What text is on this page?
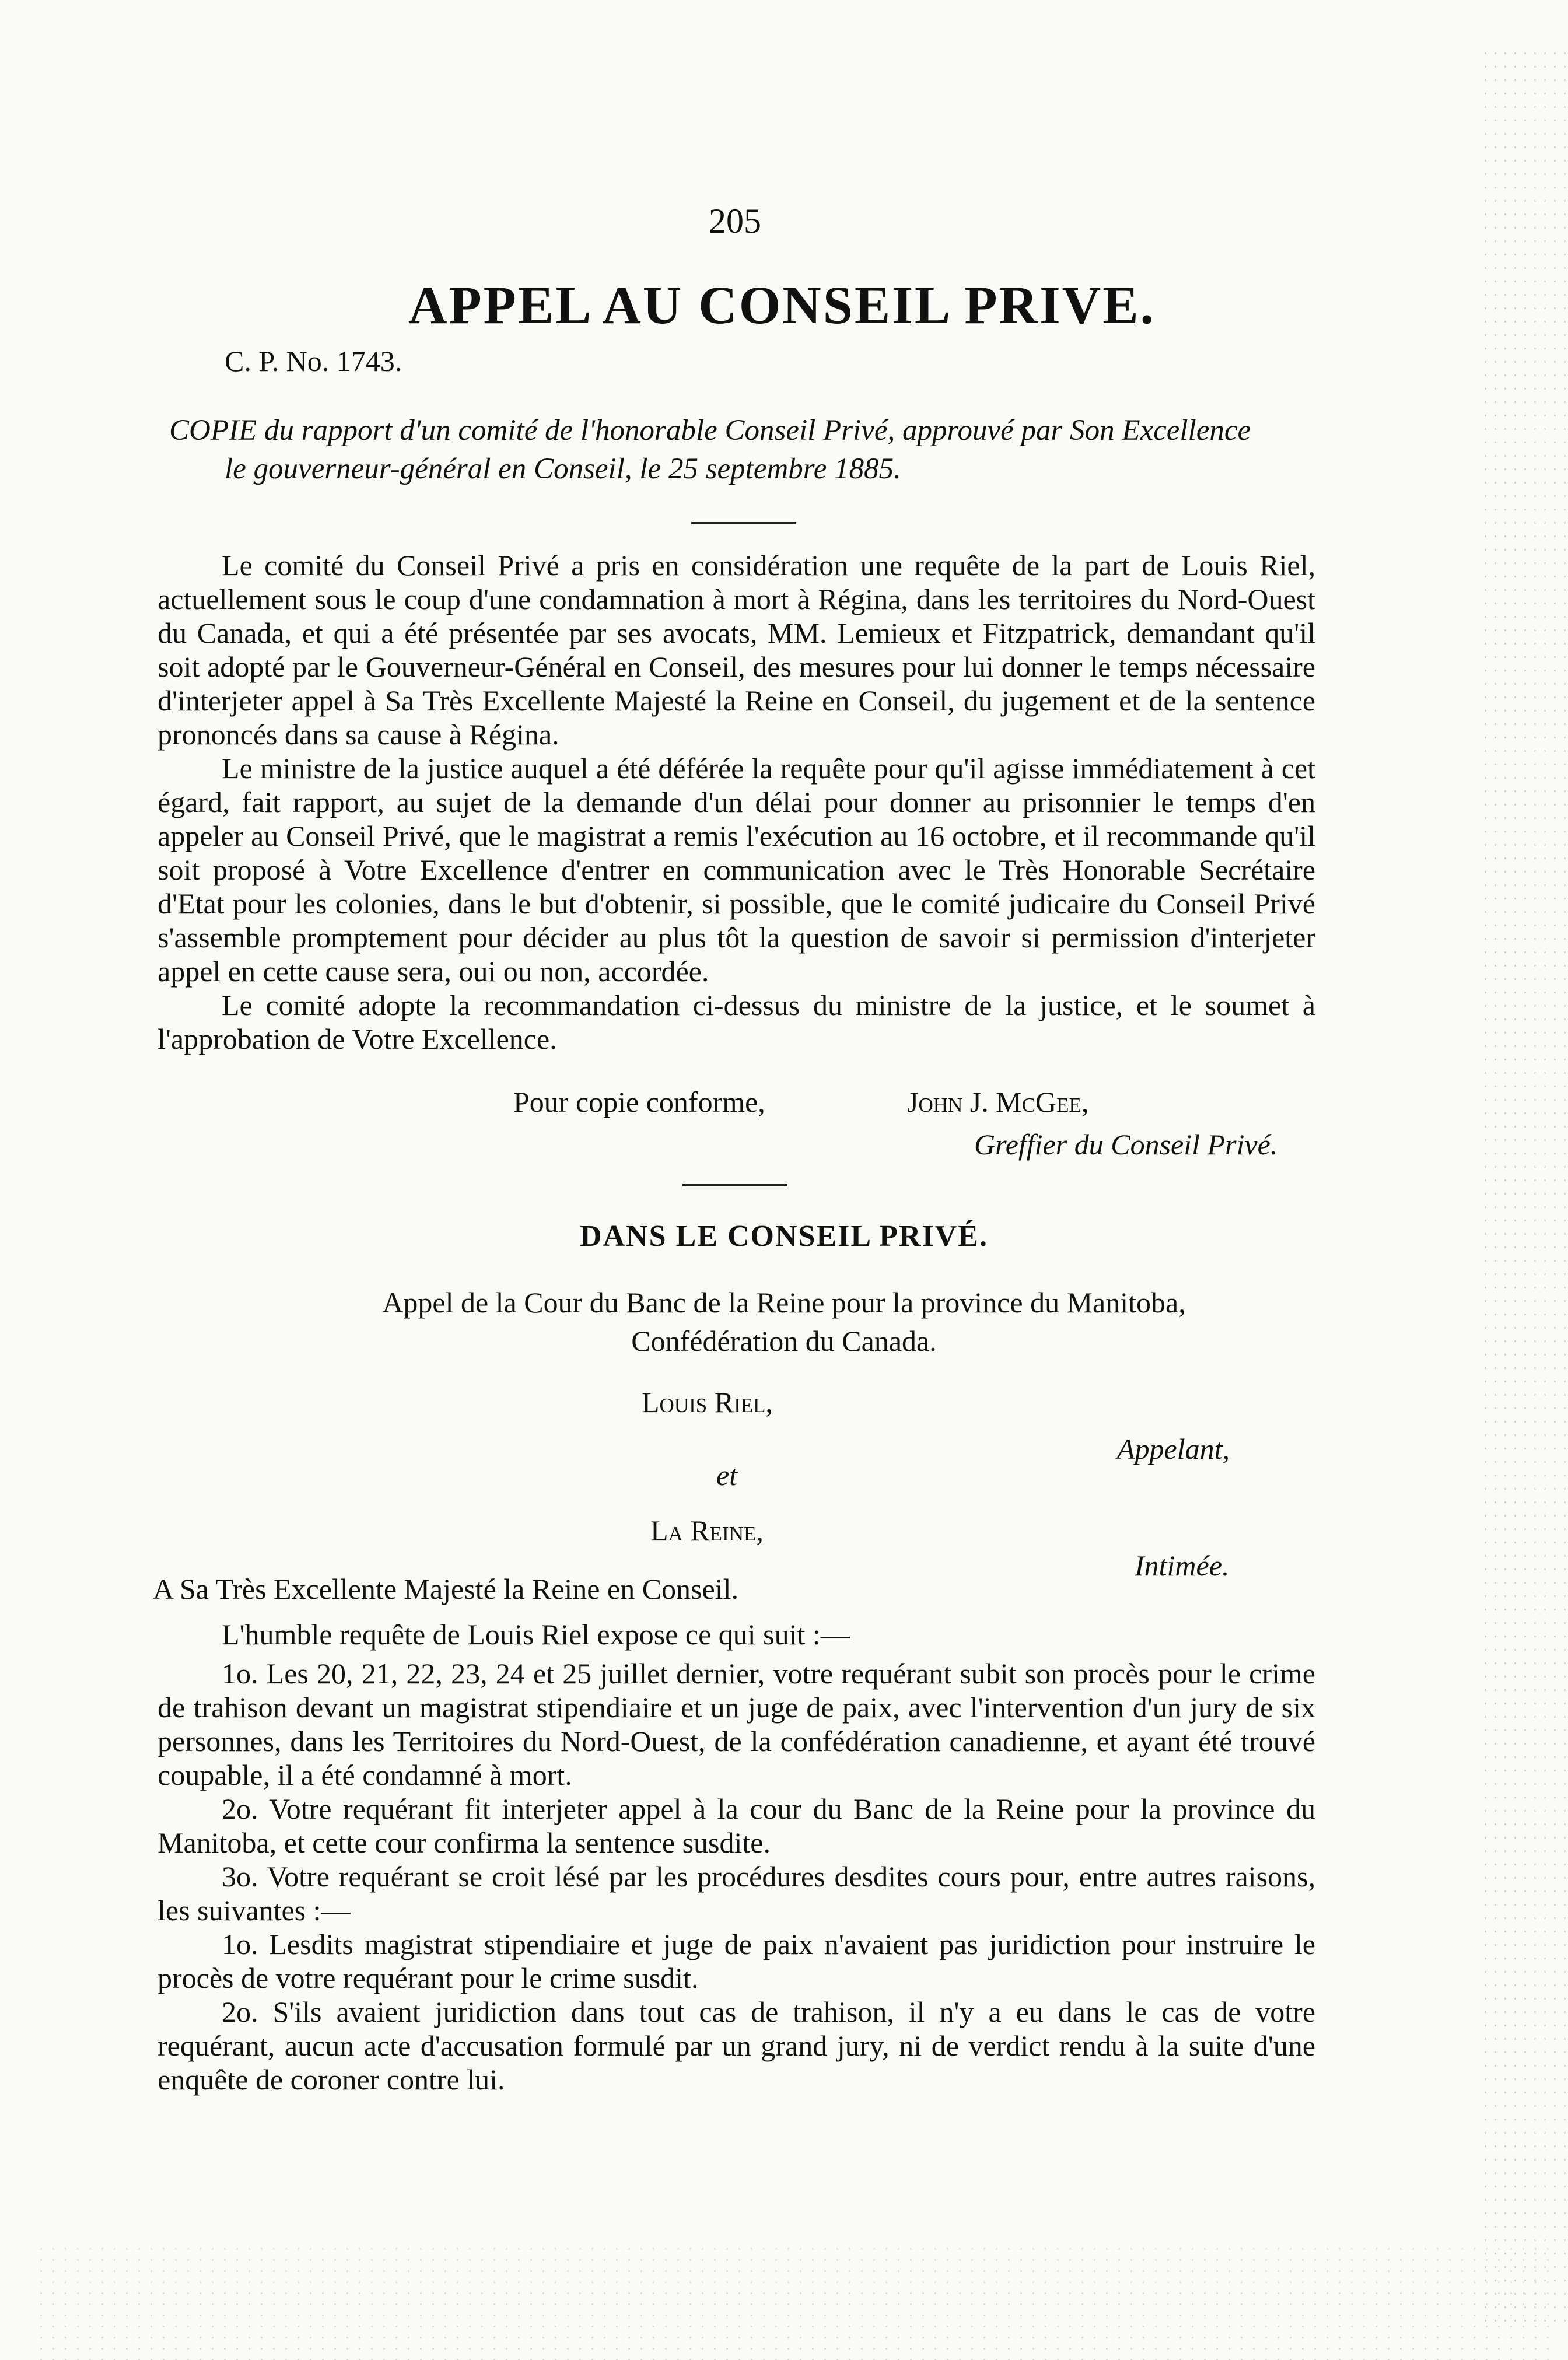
205
APPEL AU CONSEIL PRIVE.
C. P. No. 1743.
COPIE du rapport d'un comité de l'honorable Conseil Privé, approuvé par Son Excellence
le gouverneur-général en Conseil, le 25 septembre 1885.

Le comité du Conseil Privé a pris en considération une requête de la part de Louis Riel, actuellement sous le coup d'une condamnation à mort à Régina, dans les territoires du Nord-Ouest du Canada, et qui a été présentée par ses avocats, MM. Lemieux et Fitzpatrick, demandant qu'il soit adopté par le Gouverneur-Général en Conseil, des mesures pour lui donner le temps nécessaire d'interjeter appel à Sa Très Excellente Majesté la Reine en Conseil, du jugement et de la sentence prononcés dans sa cause à Régina.

Le ministre de la justice auquel a été déférée la requête pour qu'il agisse immédiatement à cet égard, fait rapport, au sujet de la demande d'un délai pour donner au prisonnier le temps d'en appeler au Conseil Privé, que le magistrat a remis l'exécution au 16 octobre, et il recommande qu'il soit proposé à Votre Excellence d'entrer en communication avec le Très Honorable Secrétaire d'Etat pour les colonies, dans le but d'obtenir, si possible, que le comité judicaire du Conseil Privé s'assemble promptement pour décider au plus tôt la question de savoir si permission d'interjeter appel en cette cause sera, oui ou non, accordée.

Le comité adopte la recommandation ci-dessus du ministre de la justice, et le soumet à l'approbation de Votre Excellence.

Pour copie conforme,	John J. McGee,
Greffier du Conseil Privé.
DANS LE CONSEIL PRIVÉ.
Appel de la Cour du Banc de la Reine pour la province du Manitoba,
Confédération du Canada.
Louis Riel,
Appelant,
et
La Reine,
Intimée.
A Sa Très Excellente Majesté la Reine en Conseil.
L'humble requête de Louis Riel expose ce qui suit :—

1o. Les 20, 21, 22, 23, 24 et 25 juillet dernier, votre requérant subit son procès pour le crime de trahison devant un magistrat stipendiaire et un juge de paix, avec l'intervention d'un jury de six personnes, dans les Territoires du Nord-Ouest, de la confédération canadienne, et ayant été trouvé coupable, il a été condamné à mort.

2o. Votre requérant fit interjeter appel à la cour du Banc de la Reine pour la province du Manitoba, et cette cour confirma la sentence susdite.

3o. Votre requérant se croit lésé par les procédures desdites cours pour, entre autres raisons, les suivantes :—

1o. Lesdits magistrat stipendiaire et juge de paix n'avaient pas juridiction pour instruire le procès de votre requérant pour le crime susdit.

2o. S'ils avaient juridiction dans tout cas de trahison, il n'y a eu dans le cas de votre requérant, aucun acte d'accusation formulé par un grand jury, ni de verdict rendu à la suite d'une enquête de coroner contre lui.
